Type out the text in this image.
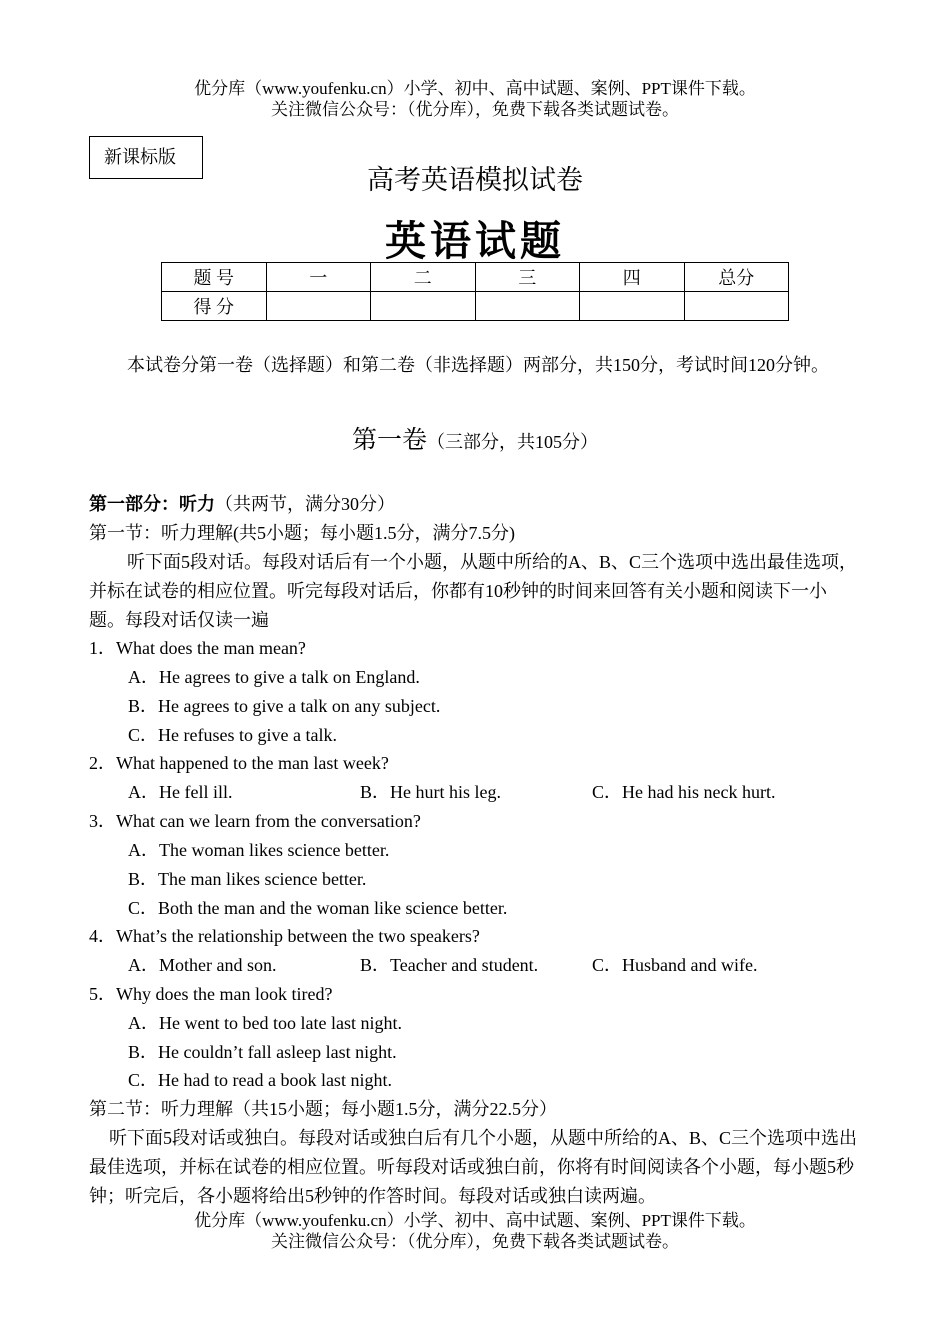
优分库（www.youfenku.cn）小学、初中、高中试题、案例、PPT课件下载。
关注微信公众号：（优分库），免费下载各类试题试卷。
新课标版
高考英语模拟试卷
英语试题
题 号	一	二	三	四	总分
得 分					
本试卷分第一卷（选择题）和第二卷（非选择题）两部分，共150分，考试时间120分钟。
第一卷（三部分，共105分）
第一部分：听力（共两节，满分30分）
第一节：听力理解(共5小题；每小题1.5分，满分7.5分)
听下面5段对话。每段对话后有一个小题，从题中所给的A、B、C三个选项中选出最佳选项，并标在试卷的相应位置。听完每段对话后，你都有10秒钟的时间来回答有关小题和阅读下一小题。每段对话仅读一遍
1．What does the man mean?
A．He agrees to give a talk on England.
B．He agrees to give a talk on any subject.
C．He refuses to give a talk.
2．What happened to the man last week?
A．He fell ill.	B．He hurt his leg.	C．He had his neck hurt.
3．What can we learn from the conversation?
A．The woman likes science better.
B．The man likes science better.
C．Both the man and the woman like science better.
4．What’s the relationship between the two speakers?
A．Mother and son.	B．Teacher and student.	C．Husband and wife.
5．Why does the man look tired?
A．He went to bed too late last night.
B．He couldn’t fall asleep last night.
C．He had to read a book last night.
第二节：听力理解（共15小题；每小题1.5分，满分22.5分）
听下面5段对话或独白。每段对话或独白后有几个小题，从题中所给的A、B、C三个选项中选出最佳选项，并标在试卷的相应位置。听每段对话或独白前，你将有时间阅读各个小题，每小题5秒钟；听完后，各小题将给出5秒钟的作答时间。每段对话或独白读两遍。
优分库（www.youfenku.cn）小学、初中、高中试题、案例、PPT课件下载。
关注微信公众号：（优分库），免费下载各类试题试卷。
